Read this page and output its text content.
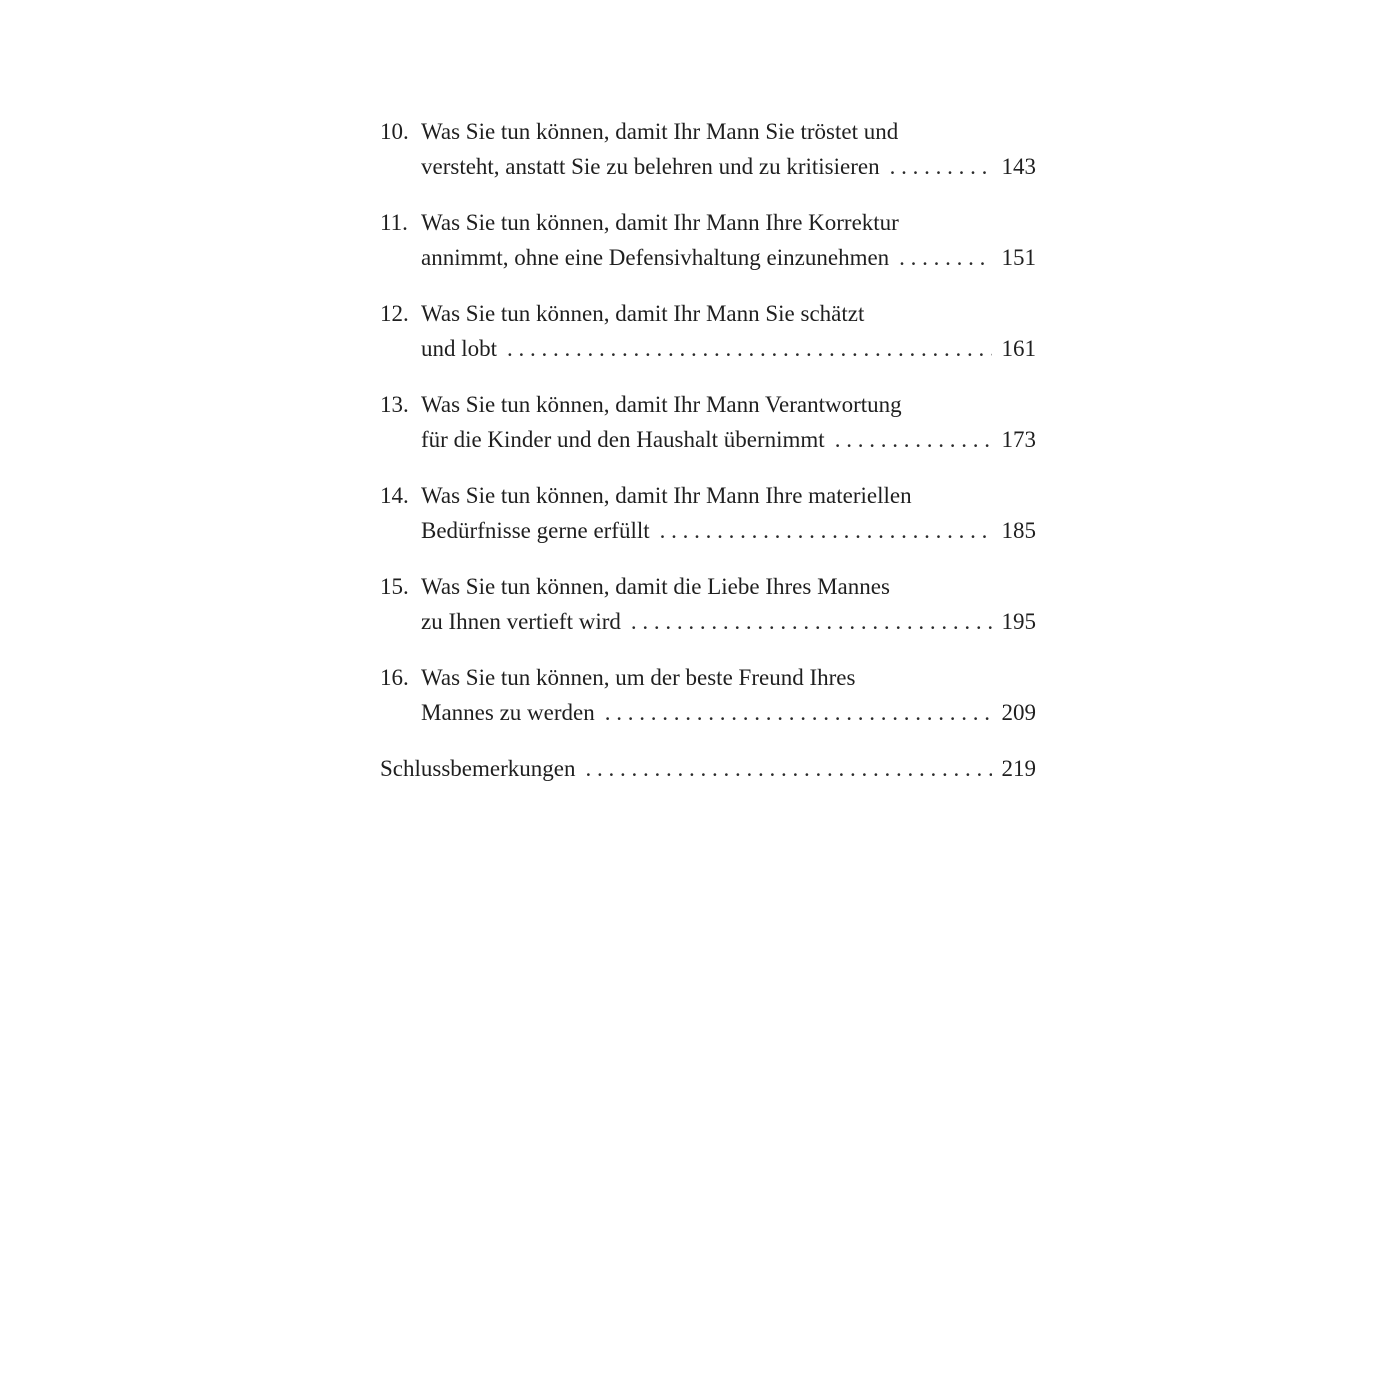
10. Was Sie tun können, damit Ihr Mann Sie tröstet und
versteht, anstatt Sie zu belehren und zu kritisieren . . .	143
11. Was Sie tun können, damit Ihr Mann Ihre Korrektur
annimmt, ohne eine Defensivhaltung einzunehmen . . .	151
12. Was Sie tun können, damit Ihr Mann Sie schätzt
und lobt . . .	161
13. Was Sie tun können, damit Ihr Mann Verantwortung
für die Kinder und den Haushalt übernimmt . . .	173
14. Was Sie tun können, damit Ihr Mann Ihre materiellen
Bedürfnisse gerne erfüllt . . .	185
15. Was Sie tun können, damit die Liebe Ihres Mannes
zu Ihnen vertieft wird . . .	195
16. Was Sie tun können, um der beste Freund Ihres
Mannes zu werden . . .	209
Schlussbemerkungen . . .	219
